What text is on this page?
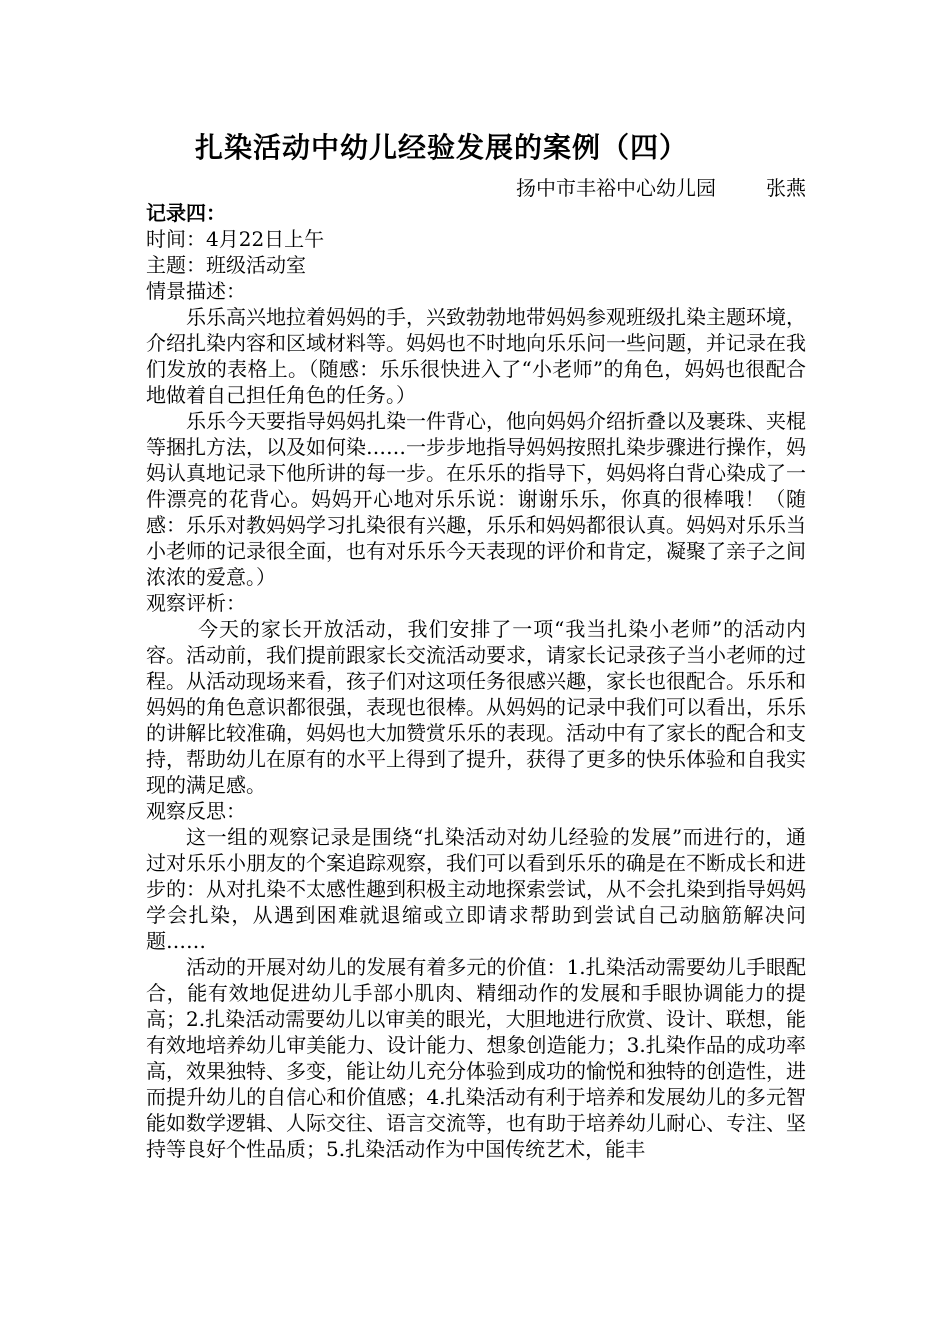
扎染活动中幼儿经验发展的案例（四）
扬中市丰裕中心幼儿园	张燕

记录四：

时间：4月22日上午

主题：班级活动室

情景描述：

乐乐高兴地拉着妈妈的手，兴致勃勃地带妈妈参观班级扎染主题环境，介绍扎染内容和区域材料等。妈妈也不时地向乐乐问一些问题，并记录在我们发放的表格上。（随感：乐乐很快进入了“小老师”的角色，妈妈也很配合地做着自己担任角色的任务。）

乐乐今天要指导妈妈扎染一件背心，他向妈妈介绍折叠以及裹珠、夹棍等捆扎方法，以及如何染……一步步地指导妈妈按照扎染步骤进行操作，妈妈认真地记录下他所讲的每一步。在乐乐的指导下，妈妈将白背心染成了一件漂亮的花背心。妈妈开心地对乐乐说：谢谢乐乐，你真的很棒哦！（随感：乐乐对教妈妈学习扎染很有兴趣，乐乐和妈妈都很认真。妈妈对乐乐当小老师的记录很全面，也有对乐乐今天表现的评价和肯定，凝聚了亲子之间浓浓的爱意。）

观察评析：

今天的家长开放活动，我们安排了一项“我当扎染小老师”的活动内容。活动前，我们提前跟家长交流活动要求，请家长记录孩子当小老师的过程。从活动现场来看，孩子们对这项任务很感兴趣，家长也很配合。乐乐和妈妈的角色意识都很强，表现也很棒。从妈妈的记录中我们可以看出，乐乐的讲解比较准确，妈妈也大加赞赏乐乐的表现。活动中有了家长的配合和支持，帮助幼儿在原有的水平上得到了提升，获得了更多的快乐体验和自我实现的满足感。

观察反思：

这一组的观察记录是围绕“扎染活动对幼儿经验的发展”而进行的，通过对乐乐小朋友的个案追踪观察，我们可以看到乐乐的确是在不断成长和进步的：从对扎染不太感性趣到积极主动地探索尝试，从不会扎染到指导妈妈学会扎染，从遇到困难就退缩或立即请求帮助到尝试自己动脑筋解决问题……

活动的开展对幼儿的发展有着多元的价值：1.扎染活动需要幼儿手眼配合，能有效地促进幼儿手部小肌肉、精细动作的发展和手眼协调能力的提高；2.扎染活动需要幼儿以审美的眼光，大胆地进行欣赏、设计、联想，能有效地培养幼儿审美能力、设计能力、想象创造能力；3.扎染作品的成功率高，效果独特、多变，能让幼儿充分体验到成功的愉悦和独特的创造性，进而提升幼儿的自信心和价值感；4.扎染活动有利于培养和发展幼儿的多元智能如数学逻辑、人际交往、语言交流等，也有助于培养幼儿耐心、专注、坚持等良好个性品质；5.扎染活动作为中国传统艺术，能丰
